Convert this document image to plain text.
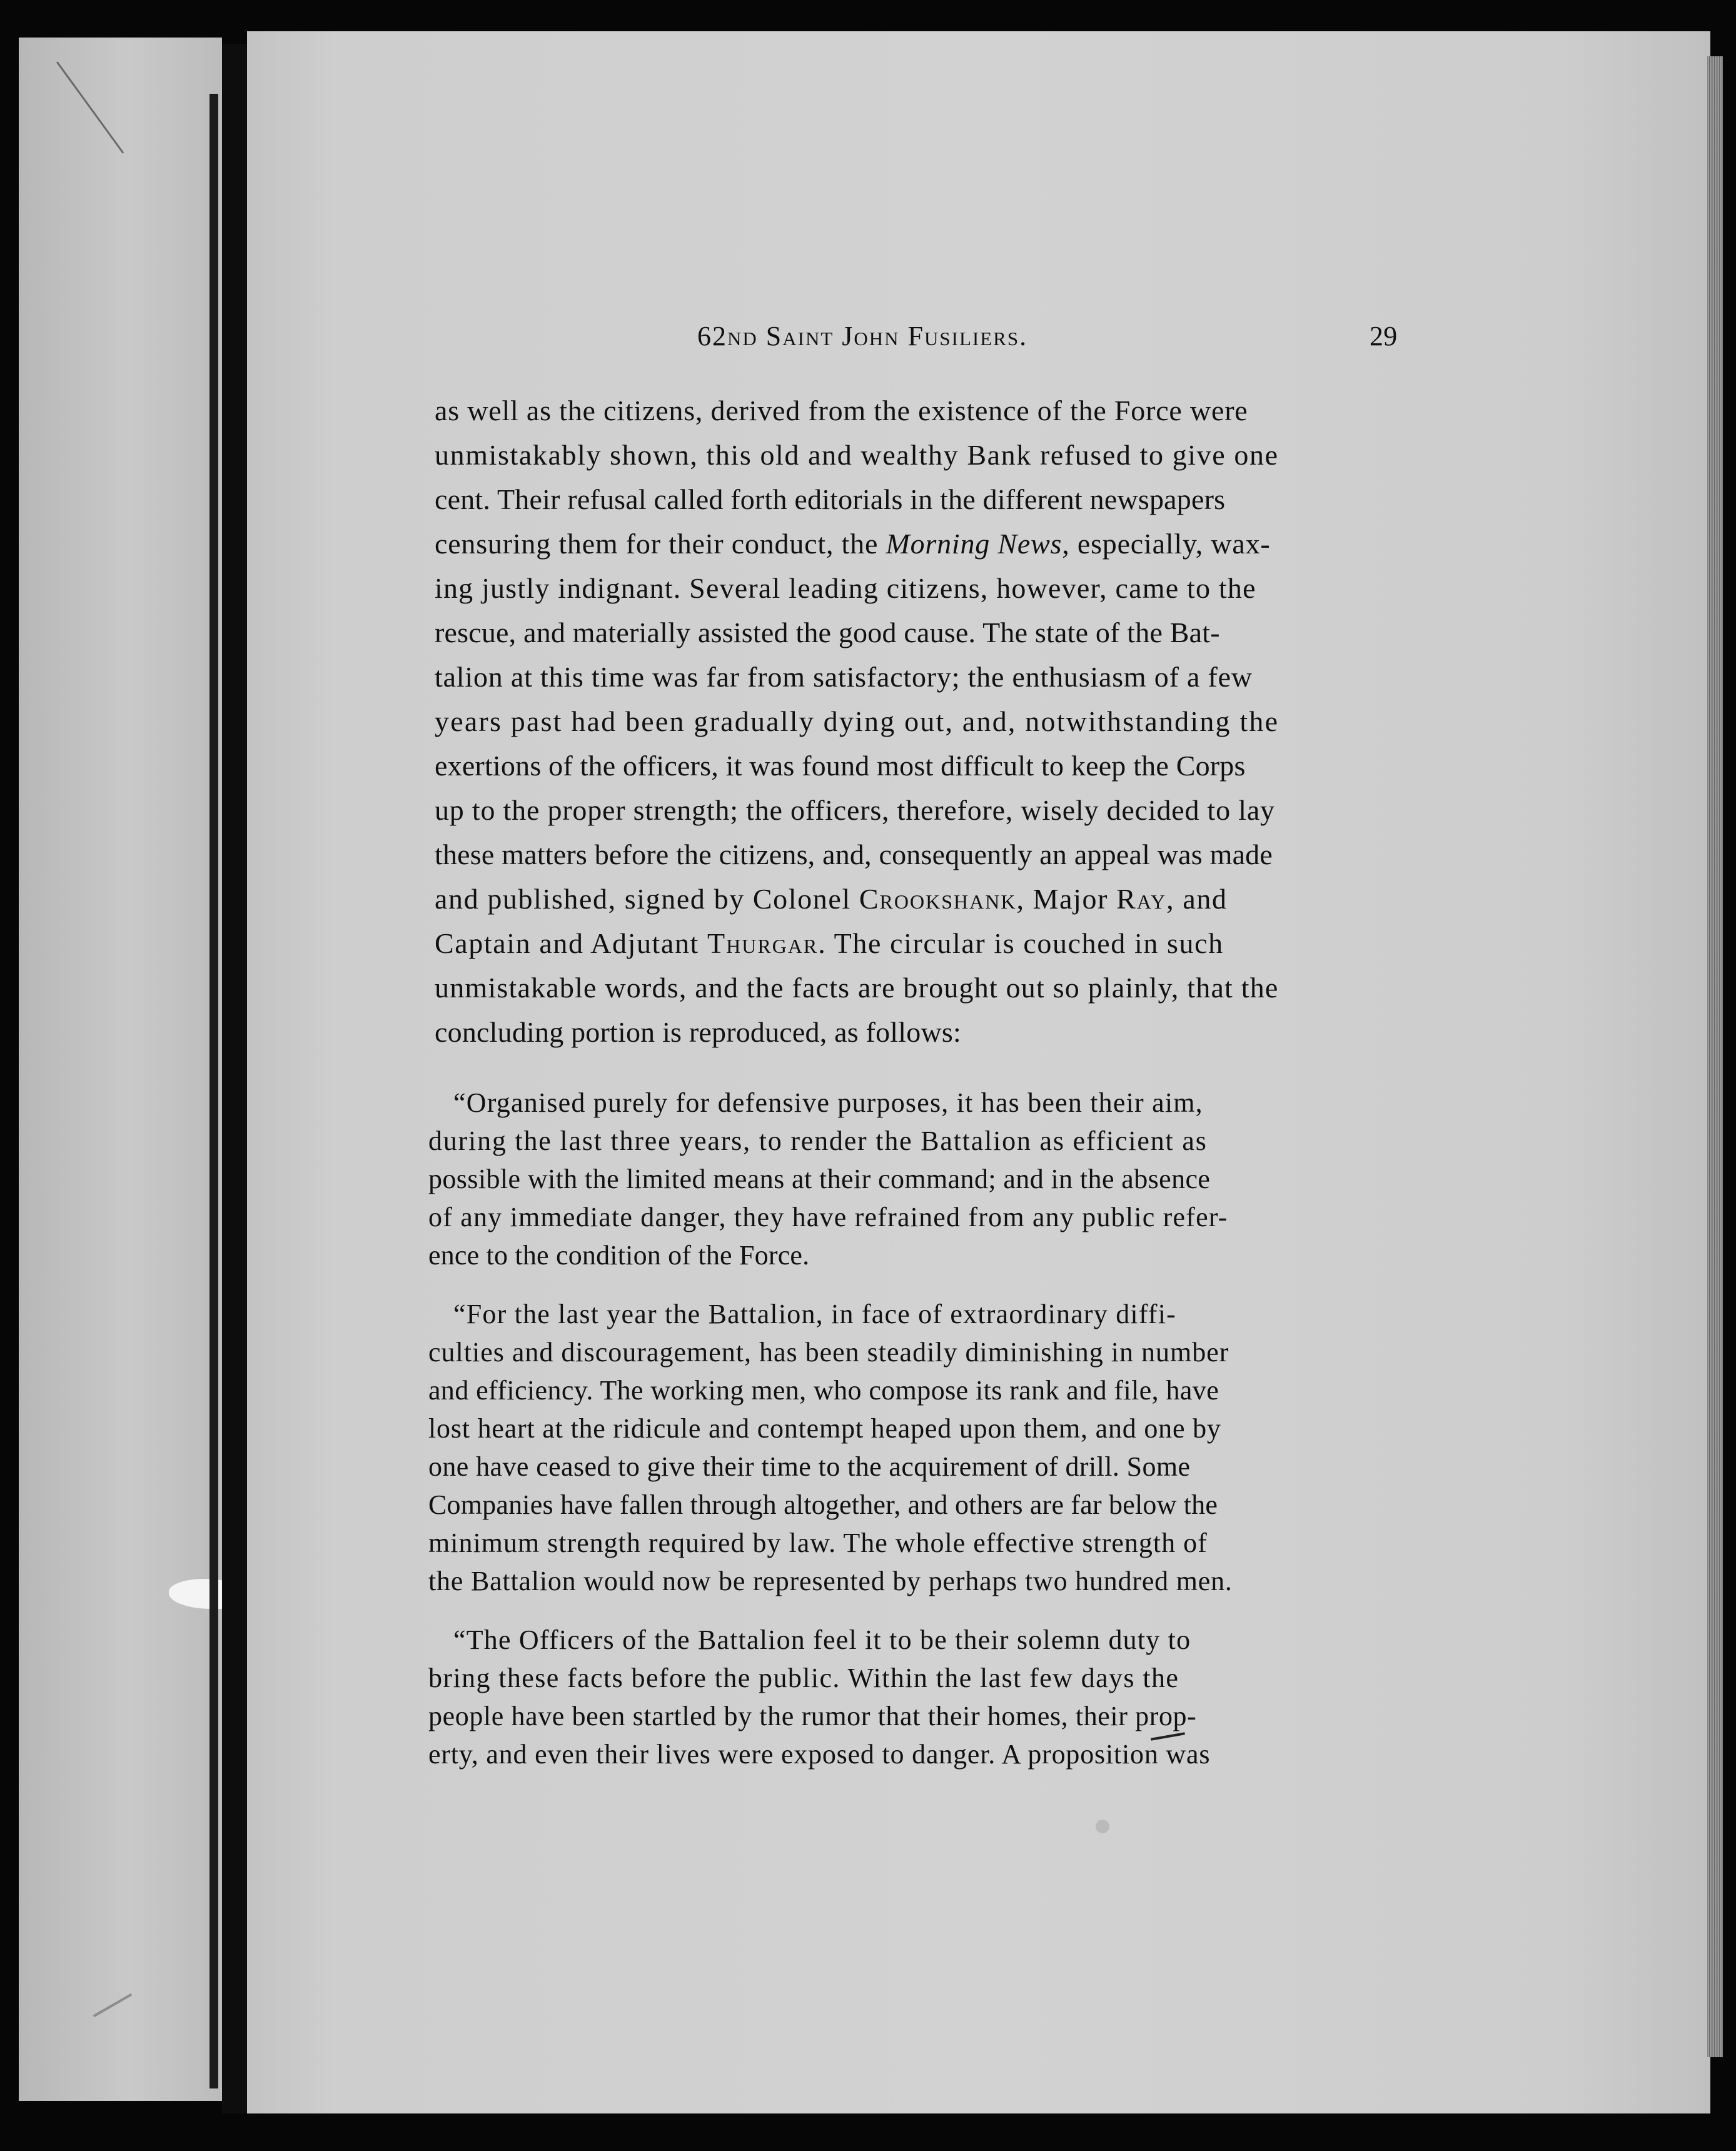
62nd Saint John Fusiliers.	29
as well as the citizens, derived from the existence of the Force were
unmistakably shown, this old and wealthy Bank refused to give one
cent. Their refusal called forth editorials in the different newspapers
censuring them for their conduct, the Morning News, especially, wax-
ing justly indignant. Several leading citizens, however, came to the
rescue, and materially assisted the good cause. The state of the Bat-
talion at this time was far from satisfactory; the enthusiasm of a few
years past had been gradually dying out, and, notwithstanding the
exertions of the officers, it was found most difficult to keep the Corps
up to the proper strength; the officers, therefore, wisely decided to lay
these matters before the citizens, and, consequently an appeal was made
and published, signed by Colonel Crookshank, Major Ray, and
Captain and Adjutant Thurgar. The circular is couched in such
unmistakable words, and the facts are brought out so plainly, that the
concluding portion is reproduced, as follows:
“Organised purely for defensive purposes, it has been their aim,
during the last three years, to render the Battalion as efficient as
possible with the limited means at their command; and in the absence
of any immediate danger, they have refrained from any public refer-
ence to the condition of the Force.
“For the last year the Battalion, in face of extraordinary diffi-
culties and discouragement, has been steadily diminishing in number
and efficiency. The working men, who compose its rank and file, have
lost heart at the ridicule and contempt heaped upon them, and one by
one have ceased to give their time to the acquirement of drill. Some
Companies have fallen through altogether, and others are far below the
minimum strength required by law. The whole effective strength of
the Battalion would now be represented by perhaps two hundred men.
“The Officers of the Battalion feel it to be their solemn duty to
bring these facts before the public. Within the last few days the
people have been startled by the rumor that their homes, their prop-
erty, and even their lives were exposed to danger. A proposition was
